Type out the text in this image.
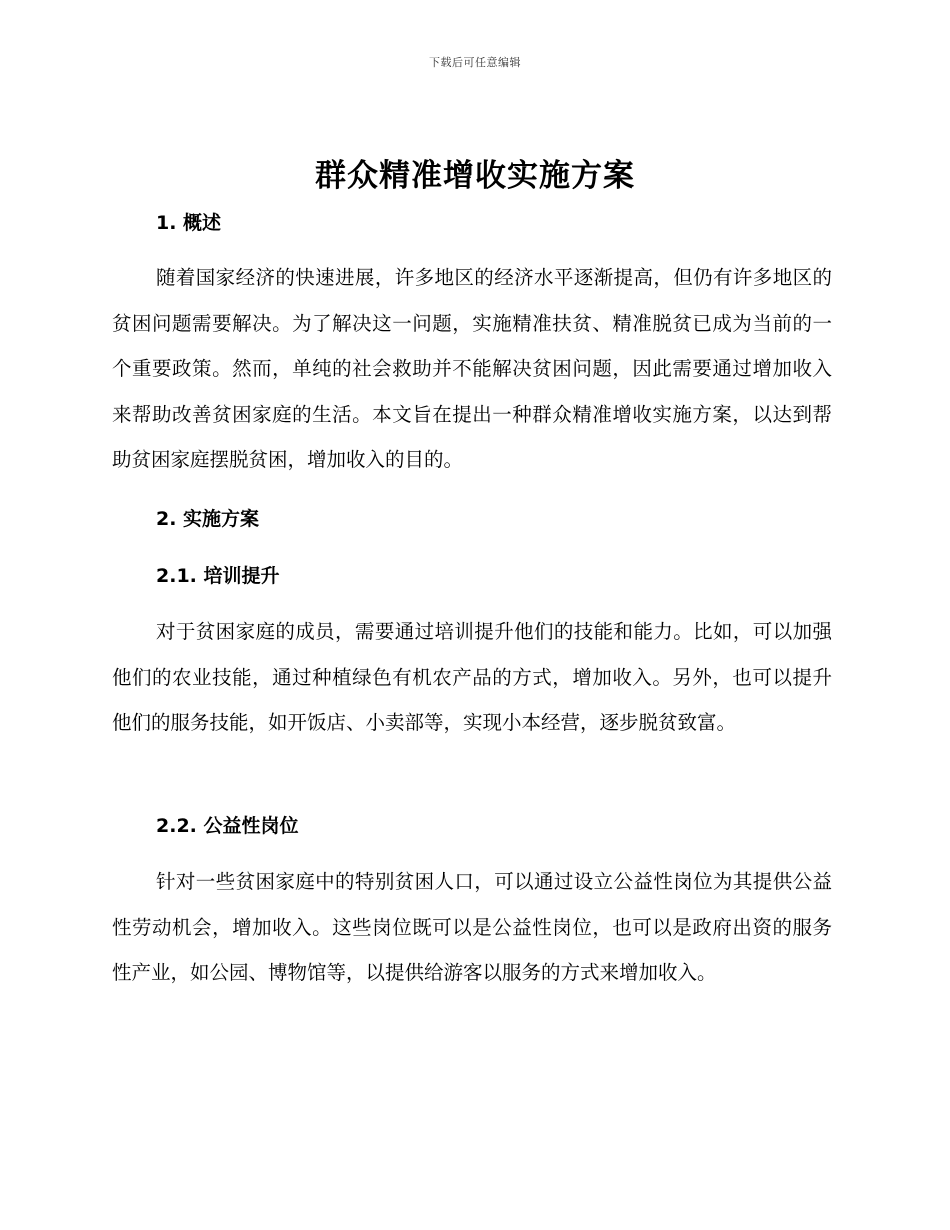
下载后可任意编辑
群众精准增收实施方案
1. 概述

随着国家经济的快速进展，许多地区的经济水平逐渐提高，但仍有许多地区的贫困问题需要解决。为了解决这一问题，实施精准扶贫、精准脱贫已成为当前的一个重要政策。然而，单纯的社会救助并不能解决贫困问题，因此需要通过增加收入来帮助改善贫困家庭的生活。本文旨在提出一种群众精准增收实施方案，以达到帮助贫困家庭摆脱贫困，增加收入的目的。

2. 实施方案
2.1. 培训提升

对于贫困家庭的成员，需要通过培训提升他们的技能和能力。比如，可以加强他们的农业技能，通过种植绿色有机农产品的方式，增加收入。另外，也可以提升他们的服务技能，如开饭店、小卖部等，实现小本经营，逐步脱贫致富。

2.2. 公益性岗位

针对一些贫困家庭中的特别贫困人口，可以通过设立公益性岗位为其提供公益性劳动机会，增加收入。这些岗位既可以是公益性岗位，也可以是政府出资的服务性产业，如公园、博物馆等，以提供给游客以服务的方式来增加收入。
